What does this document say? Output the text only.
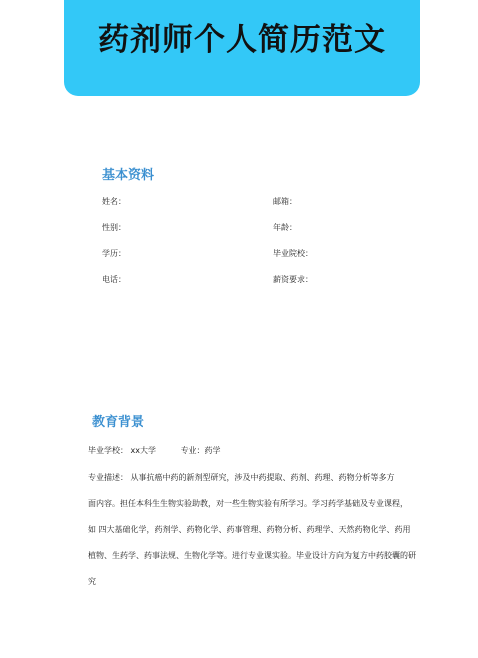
药剂师个人简历范文
基本资料
姓名：	邮箱：
性别：	年龄：
学历：	毕业院校：
电话：	薪资要求：
教育背景
毕业学校： xx大学	专业：药学
专业描述： 从事抗癌中药的新剂型研究，涉及中药提取、药剂、药理、药物分析等多方
面内容。担任本科生生物实验助教，对一些生物实验有所学习。学习药学基础及专业课程，
如 四大基础化学，药剂学、药物化学、药事管理、药物分析、药理学、天然药物化学、药用
植物、生药学、药事法规、生物化学等。进行专业课实验。毕业设计方向为复方中药胶囊的研
究
